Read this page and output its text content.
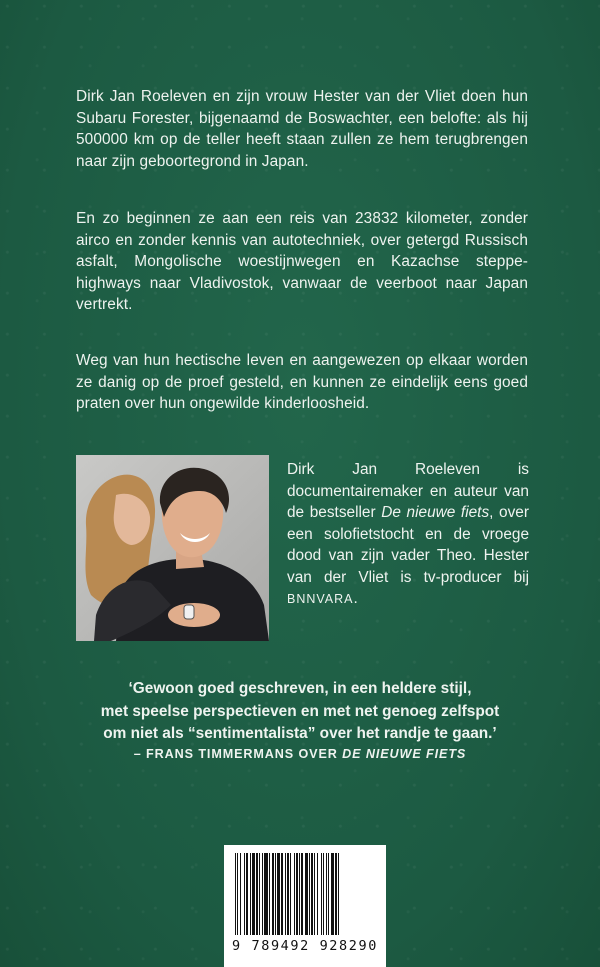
Dirk Jan Roeleven en zijn vrouw Hester van der Vliet doen hun Subaru Forester, bijgenaamd de Boswachter, een belofte: als hij 500000 km op de teller heeft staan zullen ze hem terugbrengen naar zijn geboortegrond in Japan.

En zo beginnen ze aan een reis van 23832 kilometer, zonder airco en zonder kennis van autotechniek, over getergd Russisch asfalt, Mongolische woestijnwegen en Kazachse steppe-highways naar Vladivostok, vanwaar de veerboot naar Japan vertrekt.

Weg van hun hectische leven en aangewezen op elkaar worden ze danig op de proef gesteld, en kunnen ze eindelijk eens goed praten over hun ongewilde kinderloosheid.

Dirk Jan Roeleven is documentairemaker en auteur van de bestseller De nieuwe fiets, over een solofietstocht en de vroege dood van zijn vader Theo. Hester van der Vliet is tv-producer bij BNNVARA.

‘Gewoon goed geschreven, in een heldere stijl,
met speelse perspectieven en met net genoeg zelfspot
om niet als “sentimentalista” over het randje te gaan.’

– FRANS TIMMERMANS OVER DE NIEUWE FIETS
9 789492 928290
